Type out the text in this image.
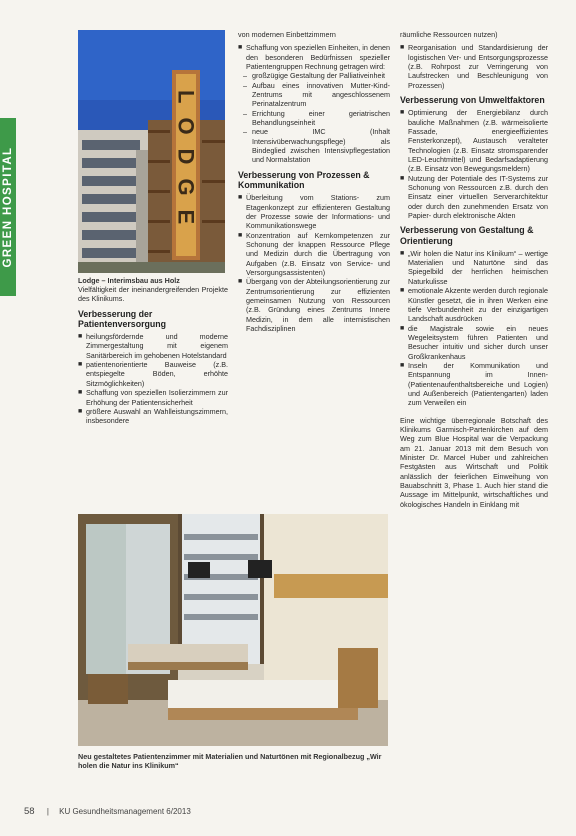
GREEN HOSPITAL	LODGE
Lodge – Interimsbau aus Holz

Vielfältigkeit der ineinandergreifenden Projekte des Klinikums.

Verbesserung der Patientenversorgung
■ heilungsfördernde und moderne Zimmergestaltung mit eigenem Sanitärbereich im gehobenen Hotelstandard
■ patientenorientierte Bauweise (z.B. entspiegelte Böden, erhöhte Sitzmöglichkeiten)
■ Schaffung von speziellen Isolierzimmern zur Erhöhung der Patientensicherheit
■ größere Auswahl an Wahlleistungszimmern, insbesondere

von modernen Einbettzimmern

■ Schaffung von speziellen Einheiten, in denen den besonderen Bedürfnissen spezieller Patientengruppen Rechnung getragen wird:
– großzügige Gestaltung der Palliativeinheit
– Aufbau eines innovativen Mutter-Kind-Zentrums mit angeschlossenem Perinatalzentrum
– Errichtung einer geriatrischen Behandlungseinheit
– neue IMC (Inhalt Intensivüberwachungspflege) als Bindeglied zwischen Intensivpflegestation und Normalstation
Verbesserung von Prozessen & Kommunikation
■ Überleitung vom Stations- zum Etagenkonzept zur effizienteren Gestaltung der Prozesse sowie der Informations- und Kommunikationswege
■ Konzentration auf Kernkompetenzen zur Schonung der knappen Ressource Pflege und Medizin durch die Übertragung von Aufgaben (z.B. Einsatz von Service- und Versorgungsassistenten)
■ Übergang von der Abteilungsorientierung zur Zentrumsorientierung zur effizienten gemeinsamen Nutzung von Ressourcen (z.B. Gründung eines Zentrums Innere Medizin, in dem alle internistischen Fachdisziplinen

räumliche Ressourcen nutzen)

■ Reorganisation und Standardisierung der logistischen Ver- und Entsorgungsprozesse (z.B. Rohrpost zur Verringerung von Laufstrecken und Beschleunigung von Prozessen)
Verbesserung von Umweltfaktoren
■ Optimierung der Energiebilanz durch bauliche Maßnahmen (z.B. wärmeisolierte Fassade, energieeffizientes Fensterkonzept), Austausch veralteter Technologien (z.B. Einsatz stromsparender LED-Leuchtmittel) und Bedarfsadaptierung (z.B. Einsatz von Bewegungsmeldern)
■ Nutzung der Potentiale des IT-Systems zur Schonung von Ressourcen z.B. durch den Einsatz einer virtuellen Serverarchitektur oder durch den zunehmenden Ersatz von Papier- durch elektronische Akten
Verbesserung von Gestaltung & Orientierung
■ „Wir holen die Natur ins Klinikum“ – wertige Materialien und Naturtöne sind das Spiegelbild der herrlichen heimischen Naturkulisse
■ emotionale Akzente werden durch regionale Künstler gesetzt, die in ihren Werken eine tiefe Verbundenheit zu der einzigartigen Landschaft ausdrücken
■ die Magistrale sowie ein neues Wegeleitsystem führen Patienten und Besucher intuitiv und sicher durch unser Großkrankenhaus
■ Inseln der Kommunikation und Entspannung im Innen- (Patientenaufenthaltsbereiche und Logien) und Außenbereich (Patientengarten) laden zum Verweilen ein

Eine wichtige überregionale Botschaft des Klinikums Garmisch-Partenkirchen auf dem Weg zum Blue Hospital war die Verpackung am 21. Januar 2013 mit dem Besuch von Minister Dr. Marcel Huber und zahlreichen Festgästen aus Wirtschaft und Politik anlässlich der feierlichen Einweihung von Bauabschnitt 3, Phase 1. Auch hier stand die Aussage im Mittelpunkt, wirtschaftliches und ökologisches Handeln in Einklang mit

Neu gestaltetes Patientenzimmer mit Materialien und Naturtönen mit Regionalbezug „Wir holen die Natur ins Klinikum“
58 | KU Gesundheitsmanagement 6/2013
